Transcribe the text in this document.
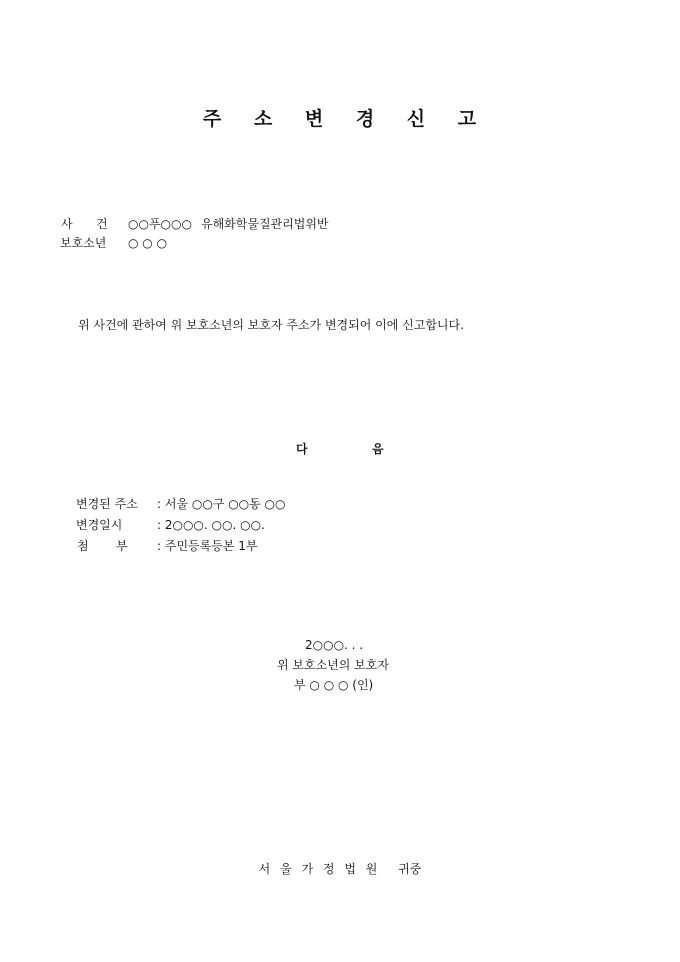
주 소 변 경 신 고
사 건 ○○푸○○○ 유해화학물질관리법위반
보호소년 ○ ○ ○
위 사건에 관하여 위 보호소년의 보호자 주소가 변경되어 이에 신고합니다.
다	음
변경된 주소 : 서울 ○○구 ○○동 ○○
변경일시	: 2○○○. ○○. ○○.
첨 부 : 주민등록등본 1부
2○○○. . .
위 보호소년의 보호자
부 ○ ○ ○ (인)
서 울 가 정 법 원 귀중
